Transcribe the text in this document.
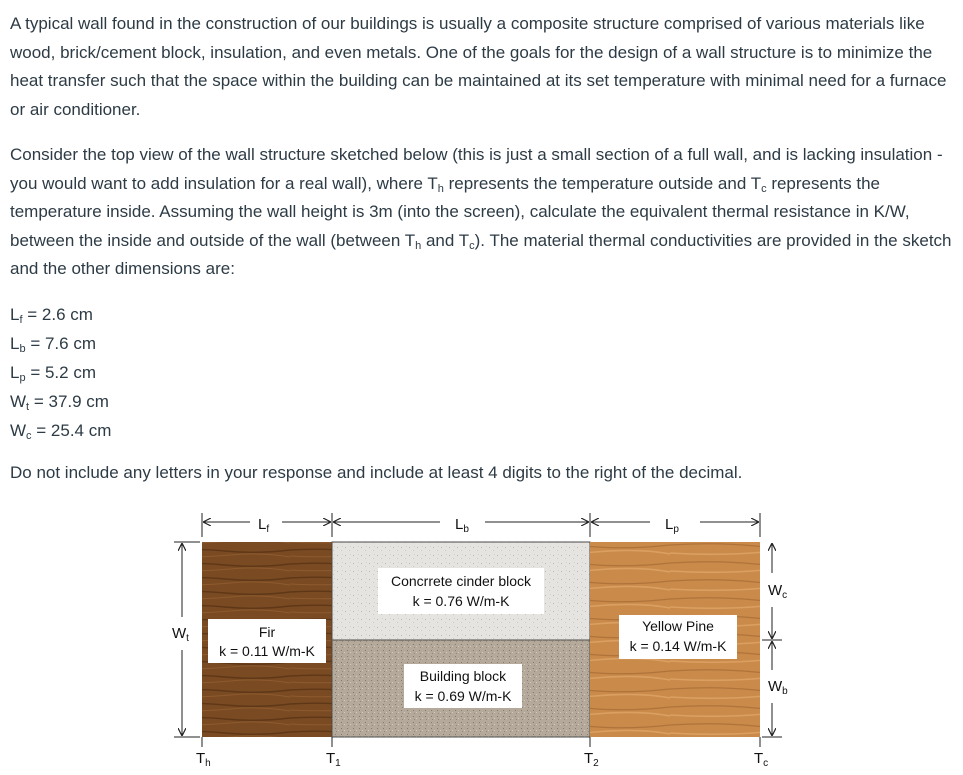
A typical wall found in the construction of our buildings is usually a composite structure comprised of various materials like wood, brick/cement block, insulation, and even metals. One of the goals for the design of a wall structure is to minimize the heat transfer such that the space within the building can be maintained at its set temperature with minimal need for a furnace or air conditioner.

Consider the top view of the wall structure sketched below (this is just a small section of a full wall, and is lacking insulation - you would want to add insulation for a real wall), where $T_h$ represents the temperature outside and $T_c$ represents the temperature inside. Assuming the wall height is 3m (into the screen), calculate the equivalent thermal resistance in K/W, between the inside and outside of the wall (between $T_h$ and $T_c$). The material thermal conductivities are provided in the sketch and the other dimensions are:

$L_f = 2.6$ cm
$L_b = 7.6$ cm
$L_p = 5.2$ cm
$W_t = 37.9$ cm
$W_c = 25.4$ cm

Do not include any letters in your response and include at least 4 digits to the right of the decimal.

$L_f$	$L_b$	$L_p$
Fir
k = 0.11 W/m-K
Concrrete cinder block
k = 0.76 W/m-K
Building block
k = 0.69 W/m-K
Yellow Pine
k = 0.14 W/m-K
$W_t$
$W_c$
$W_b$
$T_h$	$T_1$	$T_2$	$T_c$
